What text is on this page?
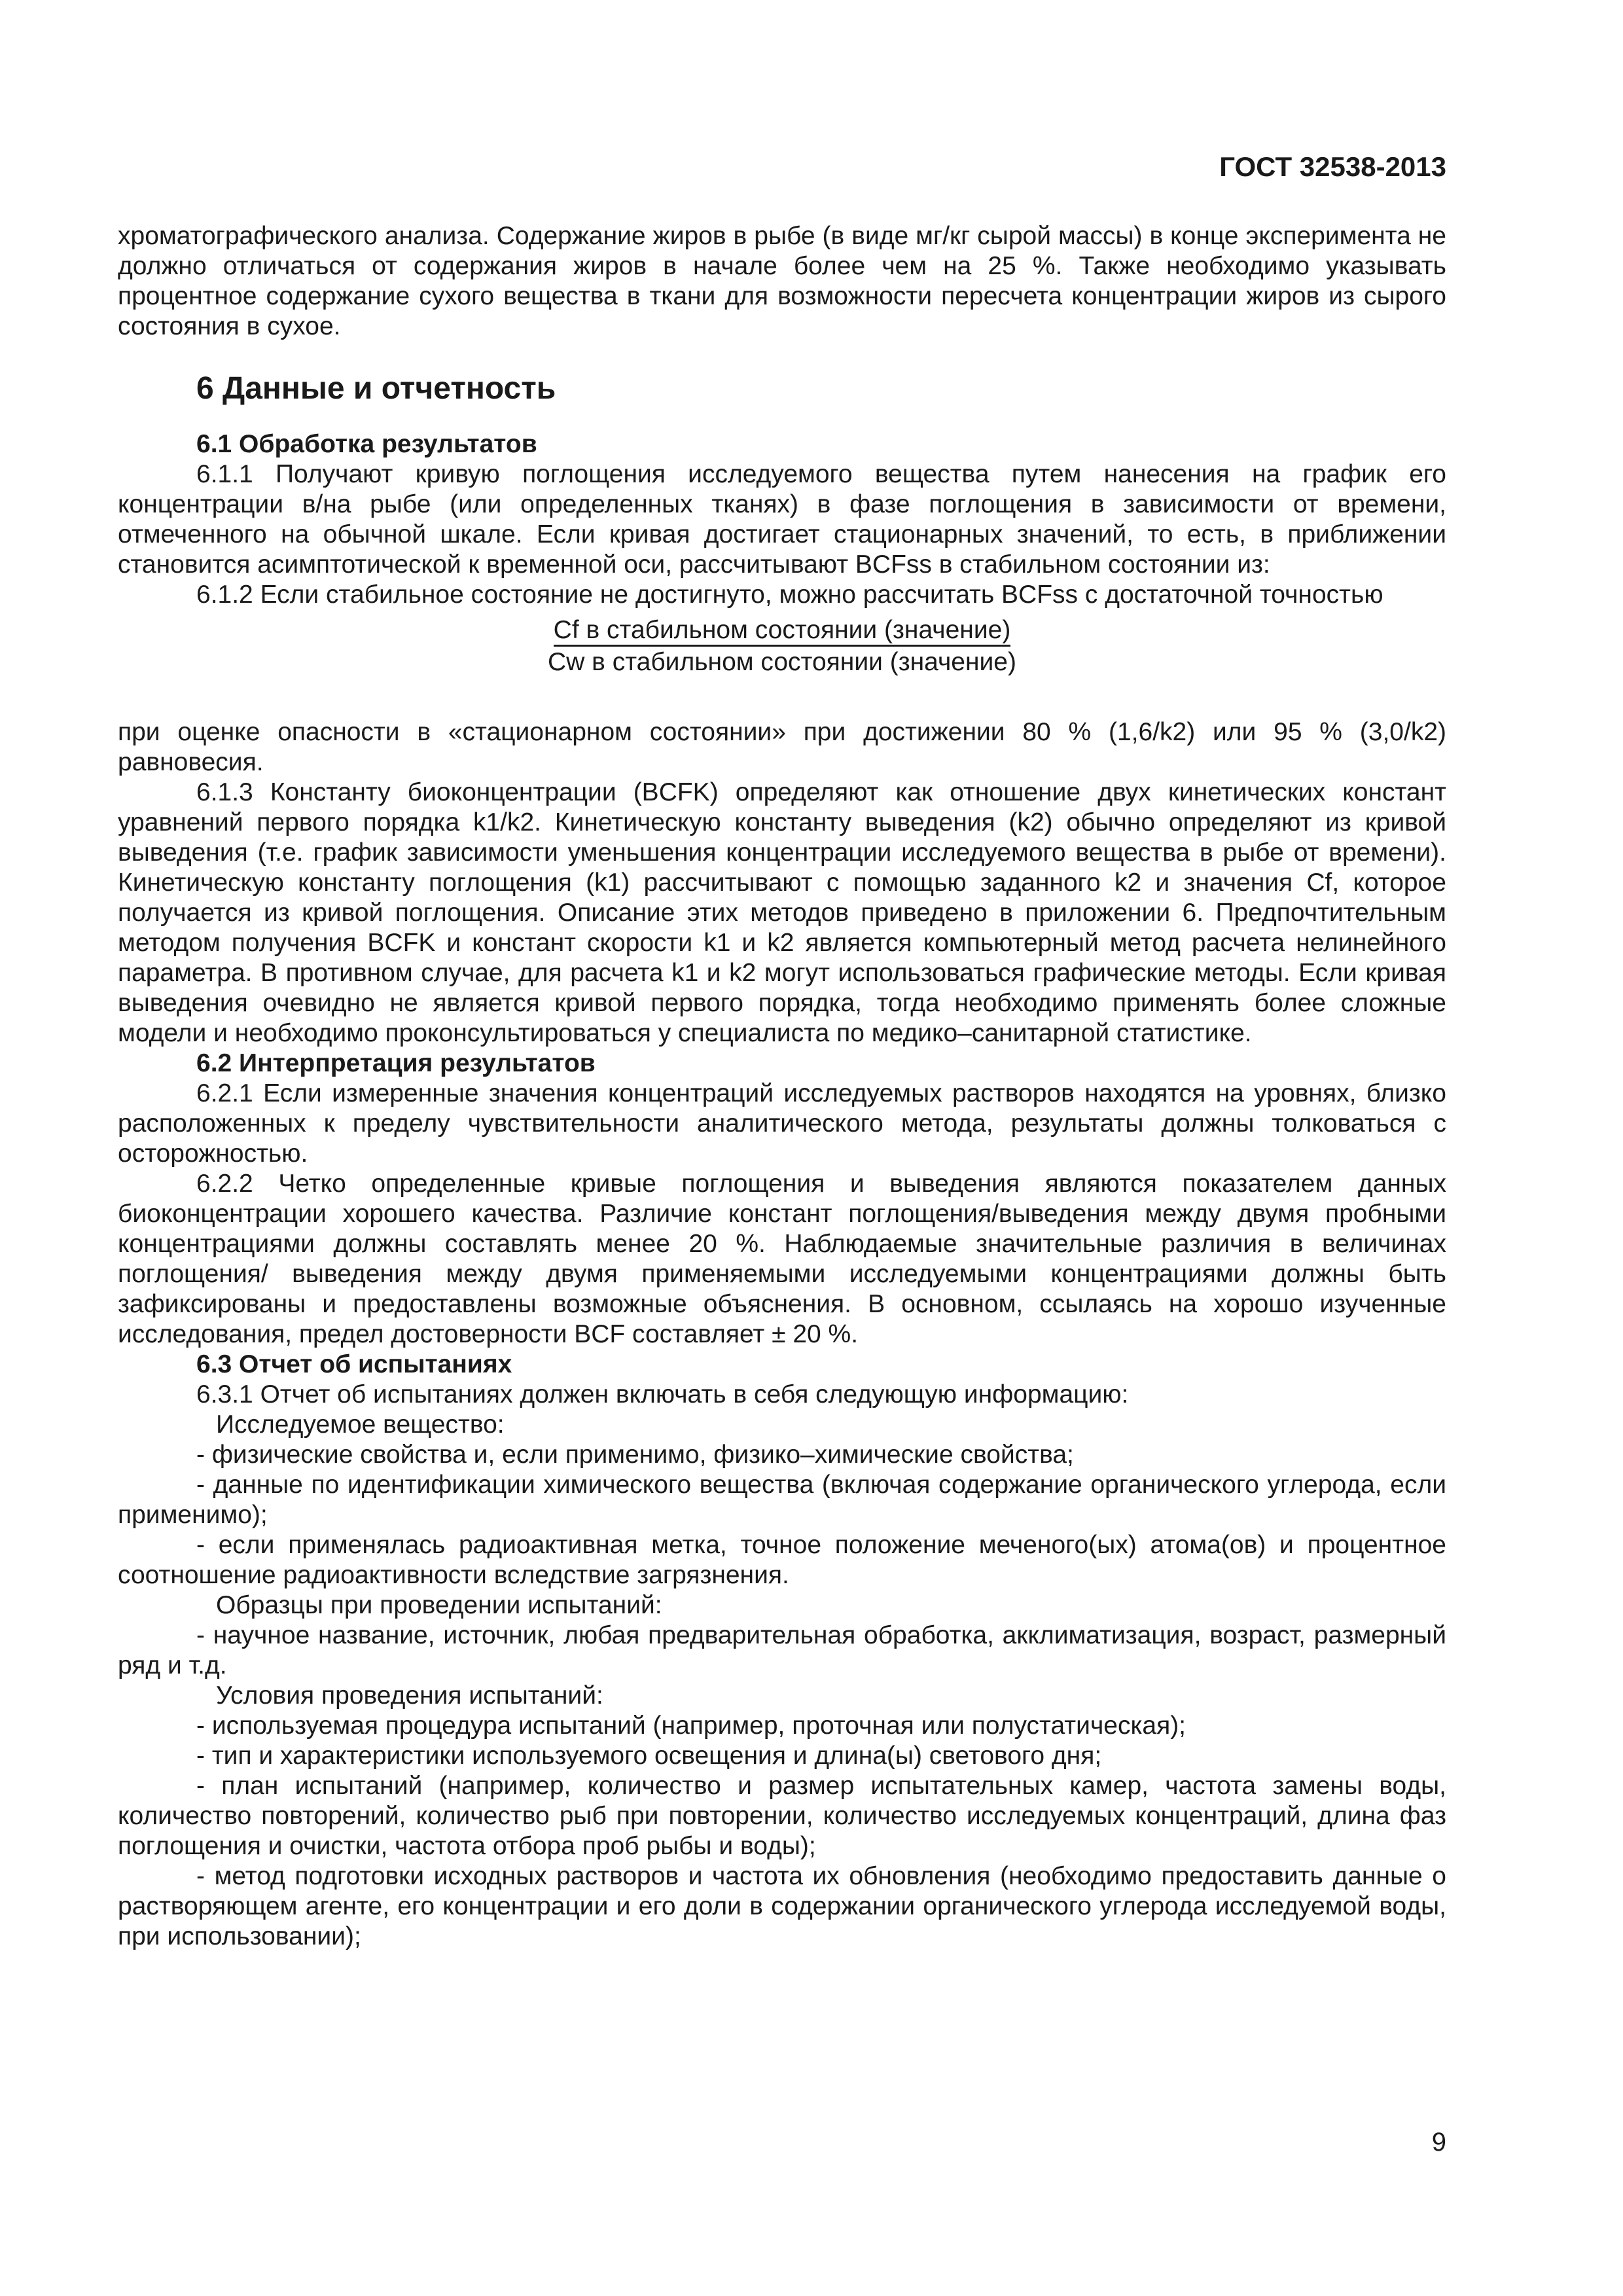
ГОСТ 32538-2013

хроматографического анализа. Содержание жиров в рыбе (в виде мг/кг сырой массы) в конце эксперимента не должно отличаться от содержания жиров в начале более чем на 25 %. Также необходимо указывать процентное содержание сухого вещества в ткани для возможности пересчета концентрации жиров из сырого состояния в сухое.

6 Данные и отчетность
6.1 Обработка результатов

6.1.1 Получают кривую поглощения исследуемого вещества путем нанесения на график его концентрации в/на рыбе (или определенных тканях) в фазе поглощения в зависимости от времени, отмеченного на обычной шкале. Если кривая достигает стационарных значений, то есть, в приближении становится асимптотической к временной оси, рассчитывают BCFss в стабильном состоянии из:

6.1.2 Если стабильное состояние не достигнуто, можно рассчитать BCFss с достаточной точностью

Cf в стабильном состоянии (значение)
Cw в стабильном состоянии (значение)

при оценке опасности в «стационарном состоянии» при достижении 80 % (1,6/k2) или 95 % (3,0/k2) равновесия.

6.1.3 Константу биоконцентрации (BCFK) определяют как отношение двух кинетических констант уравнений первого порядка k1/k2. Кинетическую константу выведения (k2) обычно определяют из кривой выведения (т.е. график зависимости уменьшения концентрации исследуемого вещества в рыбе от времени). Кинетическую константу поглощения (k1) рассчитывают с помощью заданного k2 и значения Cf, которое получается из кривой поглощения. Описание этих методов приведено в приложении 6. Предпочтительным методом получения BCFK и констант скорости k1 и k2 является компьютерный метод расчета нелинейного параметра. В противном случае, для расчета k1 и k2 могут использоваться графические методы. Если кривая выведения очевидно не является кривой первого порядка, тогда необходимо применять более сложные модели и необходимо проконсультироваться у специалиста по медико–санитарной статистике.

6.2 Интерпретация результатов

6.2.1 Если измеренные значения концентраций исследуемых растворов находятся на уровнях, близко расположенных к пределу чувствительности аналитического метода, результаты должны толковаться с осторожностью.

6.2.2 Четко определенные кривые поглощения и выведения являются показателем данных биоконцентрации хорошего качества. Различие констант поглощения/выведения между двумя пробными концентрациями должны составлять менее 20 %. Наблюдаемые значительные различия в величинах поглощения/ выведения между двумя применяемыми исследуемыми концентрациями должны быть зафиксированы и предоставлены возможные объяснения. В основном, ссылаясь на хорошо изученные исследования, предел достоверности BCF составляет ± 20 %.

6.3 Отчет об испытаниях

6.3.1 Отчет об испытаниях должен включать в себя следующую информацию:

Исследуемое вещество:

- физические свойства и, если применимо, физико–химические свойства;

- данные по идентификации химического вещества (включая содержание органического углерода, если применимо);

- если применялась радиоактивная метка, точное положение меченого(ых) атома(ов) и процентное соотношение радиоактивности вследствие загрязнения.

Образцы при проведении испытаний:

- научное название, источник, любая предварительная обработка, акклиматизация, возраст, размерный ряд и т.д.

Условия проведения испытаний:

- используемая процедура испытаний (например, проточная или полустатическая);

- тип и характеристики используемого освещения и длина(ы) светового дня;

- план испытаний (например, количество и размер испытательных камер, частота замены воды, количество повторений, количество рыб при повторении, количество исследуемых концентраций, длина фаз поглощения и очистки, частота отбора проб рыбы и воды);

- метод подготовки исходных растворов и частота их обновления (необходимо предоставить данные о растворяющем агенте, его концентрации и его доли в содержании органического углерода исследуемой воды, при использовании);

9
